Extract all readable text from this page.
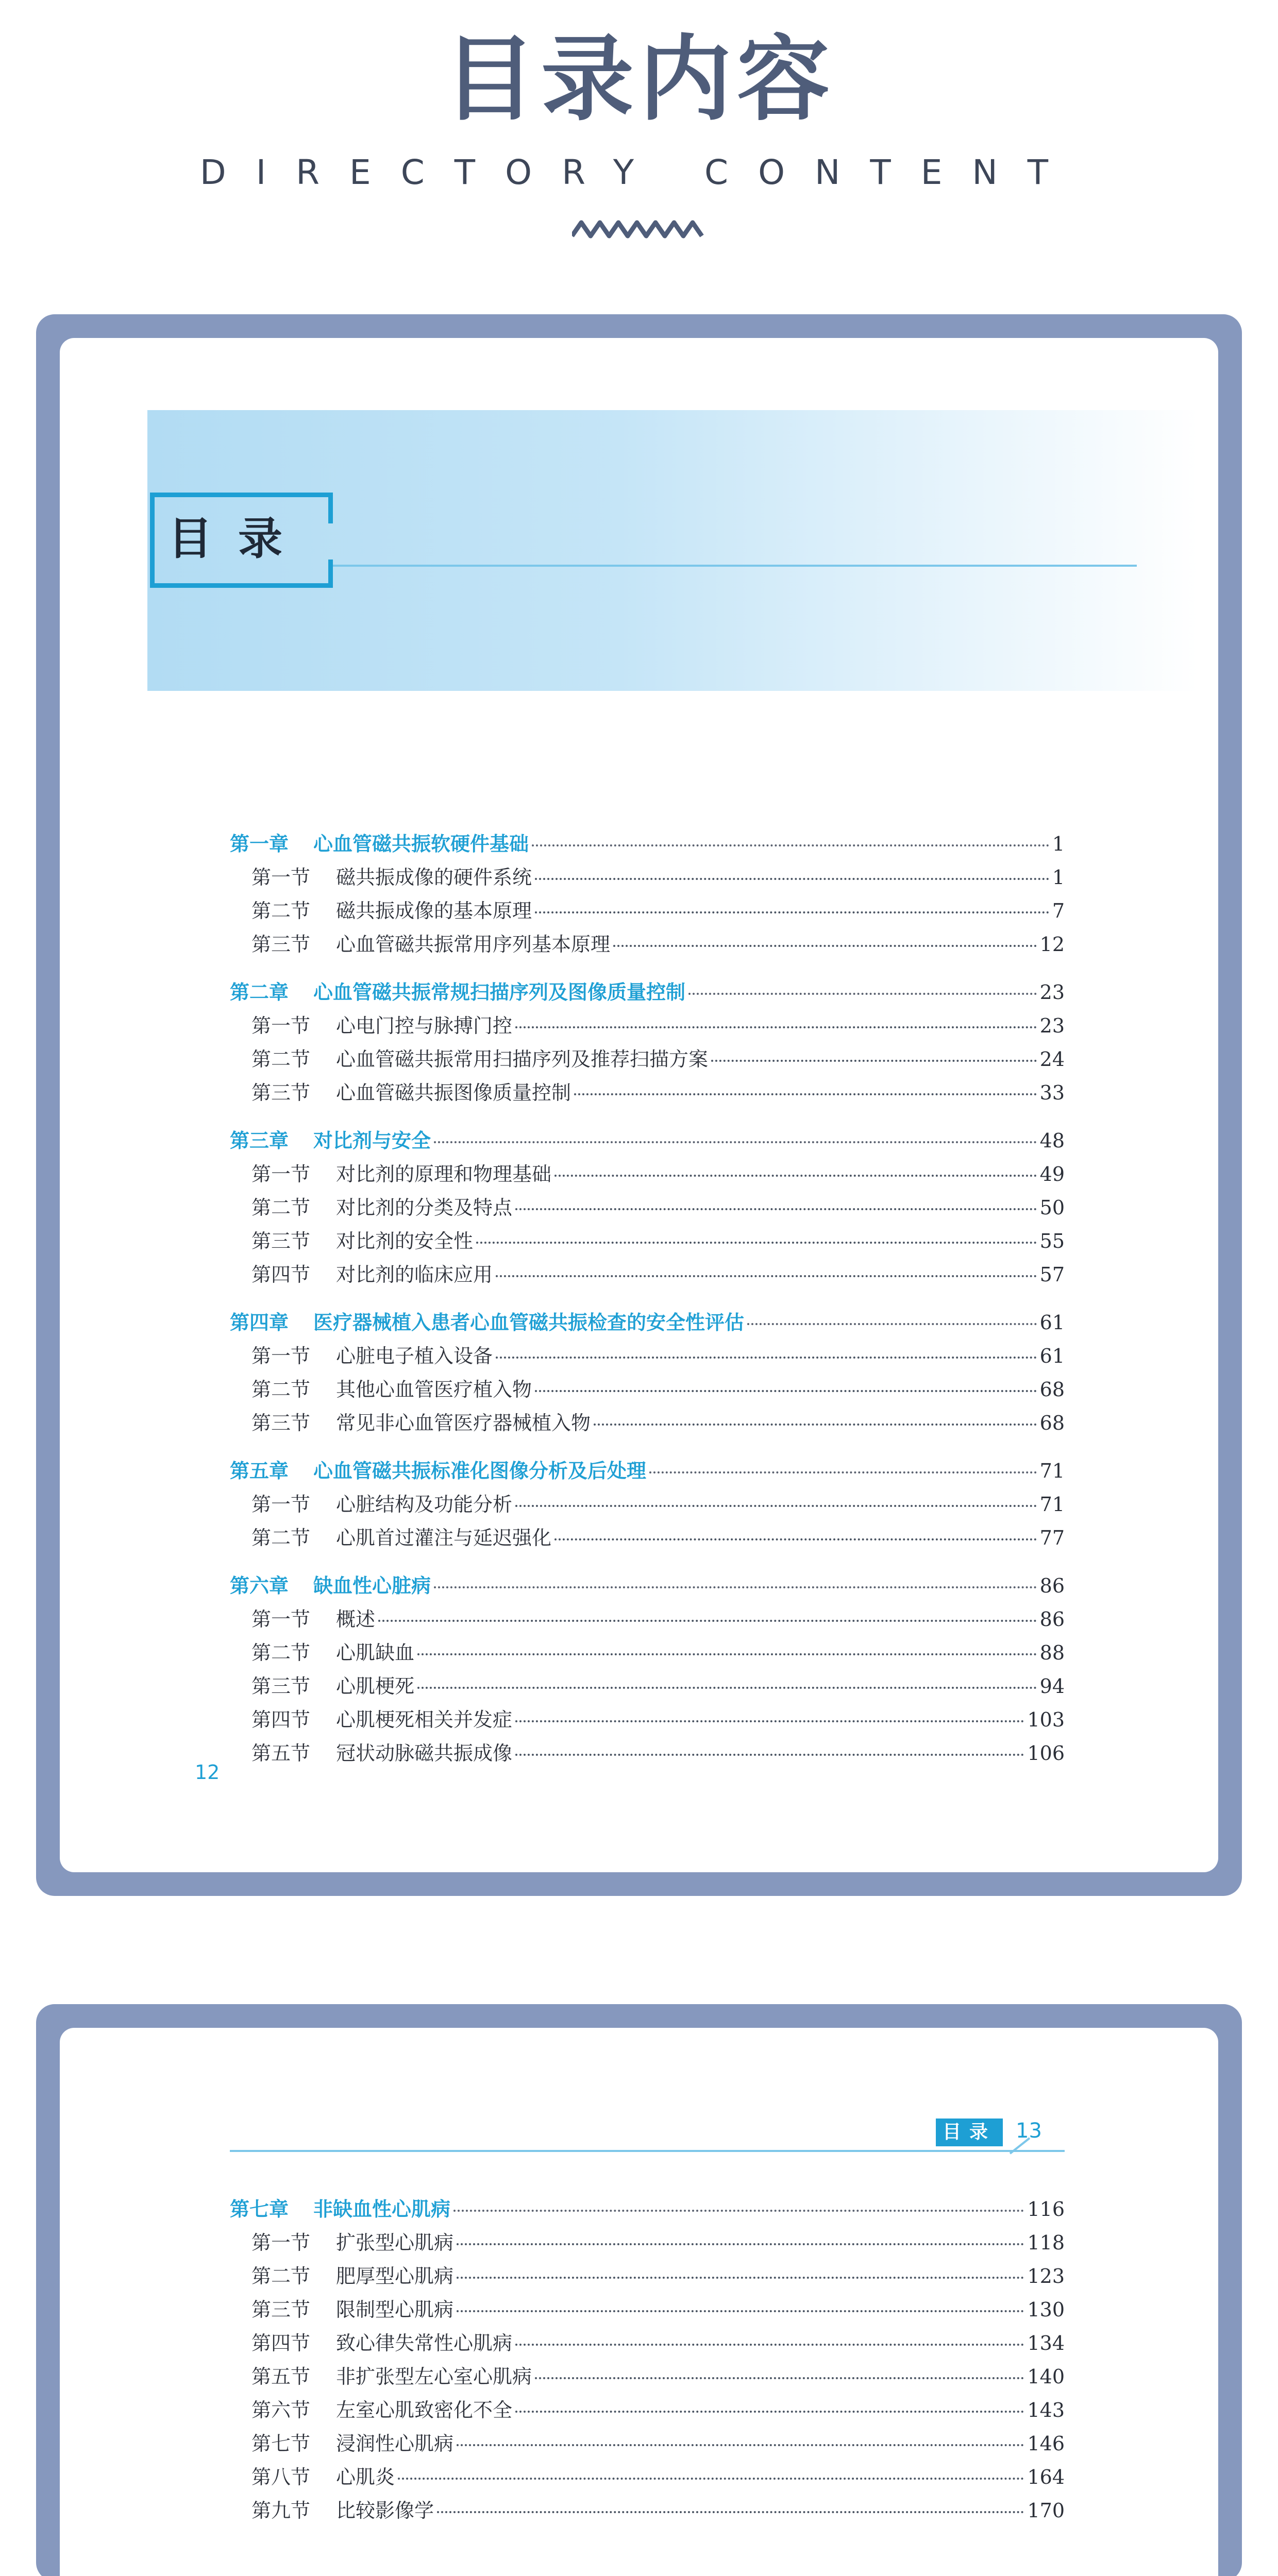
目录内容
DIRECTORY CONTENT
目录
第一章	心血管磁共振软硬件基础	1
第一节	磁共振成像的硬件系统	1
第二节	磁共振成像的基本原理	7
第三节	心血管磁共振常用序列基本原理	12
第二章	心血管磁共振常规扫描序列及图像质量控制	23
第一节	心电门控与脉搏门控	23
第二节	心血管磁共振常用扫描序列及推荐扫描方案	24
第三节	心血管磁共振图像质量控制	33
第三章	对比剂与安全	48
第一节	对比剂的原理和物理基础	49
第二节	对比剂的分类及特点	50
第三节	对比剂的安全性	55
第四节	对比剂的临床应用	57
第四章	医疗器械植入患者心血管磁共振检查的安全性评估	61
第一节	心脏电子植入设备	61
第二节	其他心血管医疗植入物	68
第三节	常见非心血管医疗器械植入物	68
第五章	心血管磁共振标准化图像分析及后处理	71
第一节	心脏结构及功能分析	71
第二节	心肌首过灌注与延迟强化	77
第六章	缺血性心脏病	86
第一节	概述	86
第二节	心肌缺血	88
第三节	心肌梗死	94
第四节	心肌梗死相关并发症	103
第五节	冠状动脉磁共振成像	106
12
目录 13
第七章	非缺血性心肌病	116
第一节	扩张型心肌病	118
第二节	肥厚型心肌病	123
第三节	限制型心肌病	130
第四节	致心律失常性心肌病	134
第五节	非扩张型左心室心肌病	140
第六节	左室心肌致密化不全	143
第七节	浸润性心肌病	146
第八节	心肌炎	164
第九节	比较影像学	170
